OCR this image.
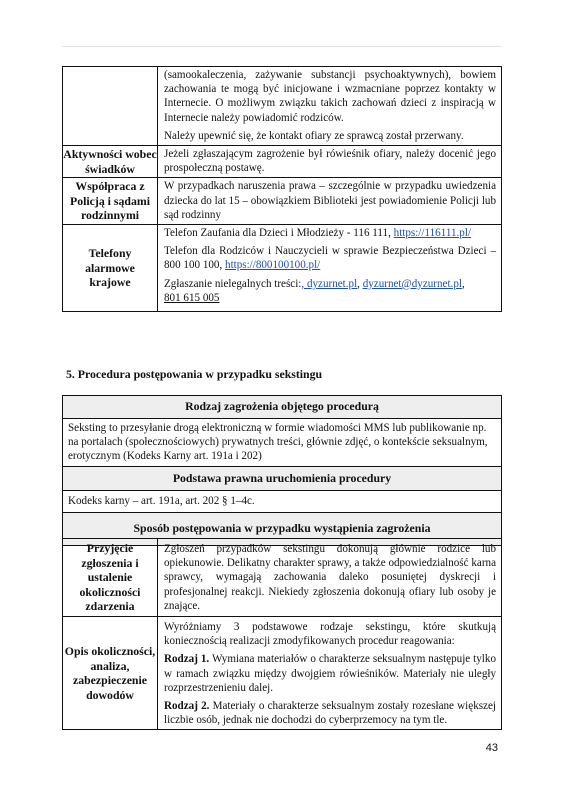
	(samookaleczenia, zażywanie substancji psychoaktywnych), bowiem zachowania te mogą być inicjowane i wzmacniane poprzez kontakty w Internecie. O możliwym związku takich zachowań dzieci z inspiracją w Internecie należy powiadomić rodziców.

Należy upewnić się, że kontakt ofiary ze sprawcą został przerwany.

Aktywności wobec świadków	Jeżeli zgłaszającym zagrożenie był rówieśnik ofiary, należy docenić jego prospołeczną postawę.
Współpraca z Policją i sądami rodzinnymi	W przypadkach naruszenia prawa – szczególnie w przypadku uwiedzenia dziecka do lat 15 – obowiązkiem Biblioteki jest powiadomienie Policji lub sąd rodzinny
Telefony alarmowe krajowe	Telefon Zaufania dla Dzieci i Młodzieży - 116 111, https://116111.pl/

Telefon dla Rodziców i Nauczycieli w sprawie Bezpieczeństwa Dzieci – 800 100 100, https://800100100.pl/

Zgłaszanie nielegalnych treści:, dyzurnet.pl, dyzurnet@dyzurnet.pl,
801 615 005

5. Procedura postępowania w przypadku sekstingu
Rodzaj zagrożenia objętego procedurą
Seksting to przesyłanie drogą elektroniczną w formie wiadomości MMS lub publikowanie np. na portalach (społecznościowych) prywatnych treści, głównie zdjęć, o kontekście seksualnym, erotycznym (Kodeks Karny art. 191a i 202)
Podstawa prawna uruchomienia procedury
Kodeks karny – art. 191a, art. 202 § 1–4c.
Sposób postępowania w przypadku wystąpienia zagrożenia
Przyjęcie zgłoszenia i ustalenie okoliczności zdarzenia	Zgłoszeń przypadków sekstingu dokonują głównie rodzice lub opiekunowie. Delikatny charakter sprawy, a także odpowiedzialność karna sprawcy, wymagają zachowania daleko posuniętej dyskrecji i profesjonalnej reakcji. Niekiedy zgłoszenia dokonują ofiary lub osoby je znające.
Opis okoliczności, analiza, zabezpieczenie dowodów	Wyróżniamy 3 podstawowe rodzaje sekstingu, które skutkują koniecznością realizacji zmodyfikowanych procedur reagowania:

Rodzaj 1. Wymiana materiałów o charakterze seksualnym następuje tylko w ramach związku między dwojgiem rówieśników. Materiały nie uległy rozprzestrzenieniu dalej.

Rodzaj 2. Materiały o charakterze seksualnym zostały rozesłane większej liczbie osób, jednak nie dochodzi do cyberprzemocy na tym tle.

43
